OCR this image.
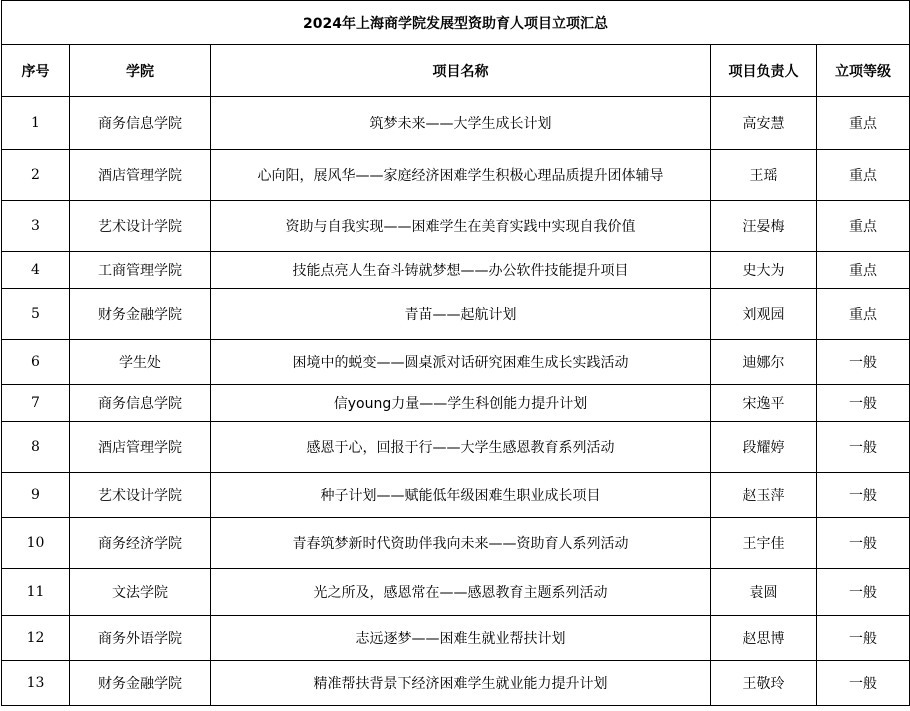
2024年上海商学院发展型资助育人项目立项汇总				
序号	学院	项目名称	项目负责人	立项等级
1	商务信息学院	筑梦未来——大学生成长计划	高安慧	重点
2	酒店管理学院	心向阳，展风华——家庭经济困难学生积极心理品质提升团体辅导	王瑶	重点
3	艺术设计学院	资助与自我实现——困难学生在美育实践中实现自我价值	汪晏梅	重点
4	工商管理学院	技能点亮人生奋斗铸就梦想——办公软件技能提升项目	史大为	重点
5	财务金融学院	青苗——起航计划	刘观园	重点
6	学生处	困境中的蜕变——圆桌派对话研究困难生成长实践活动	迪娜尔	一般
7	商务信息学院	信young力量——学生科创能力提升计划	宋逸平	一般
8	酒店管理学院	感恩于心，回报于行——大学生感恩教育系列活动	段耀婷	一般
9	艺术设计学院	种子计划——赋能低年级困难生职业成长项目	赵玉萍	一般
10	商务经济学院	青春筑梦新时代资助伴我向未来——资助育人系列活动	王宇佳	一般
11	文法学院	光之所及，感恩常在——感恩教育主题系列活动	袁圆	一般
12	商务外语学院	志远逐梦——困难生就业帮扶计划	赵思博	一般
13	财务金融学院	精准帮扶背景下经济困难学生就业能力提升计划	王敬玲	一般
